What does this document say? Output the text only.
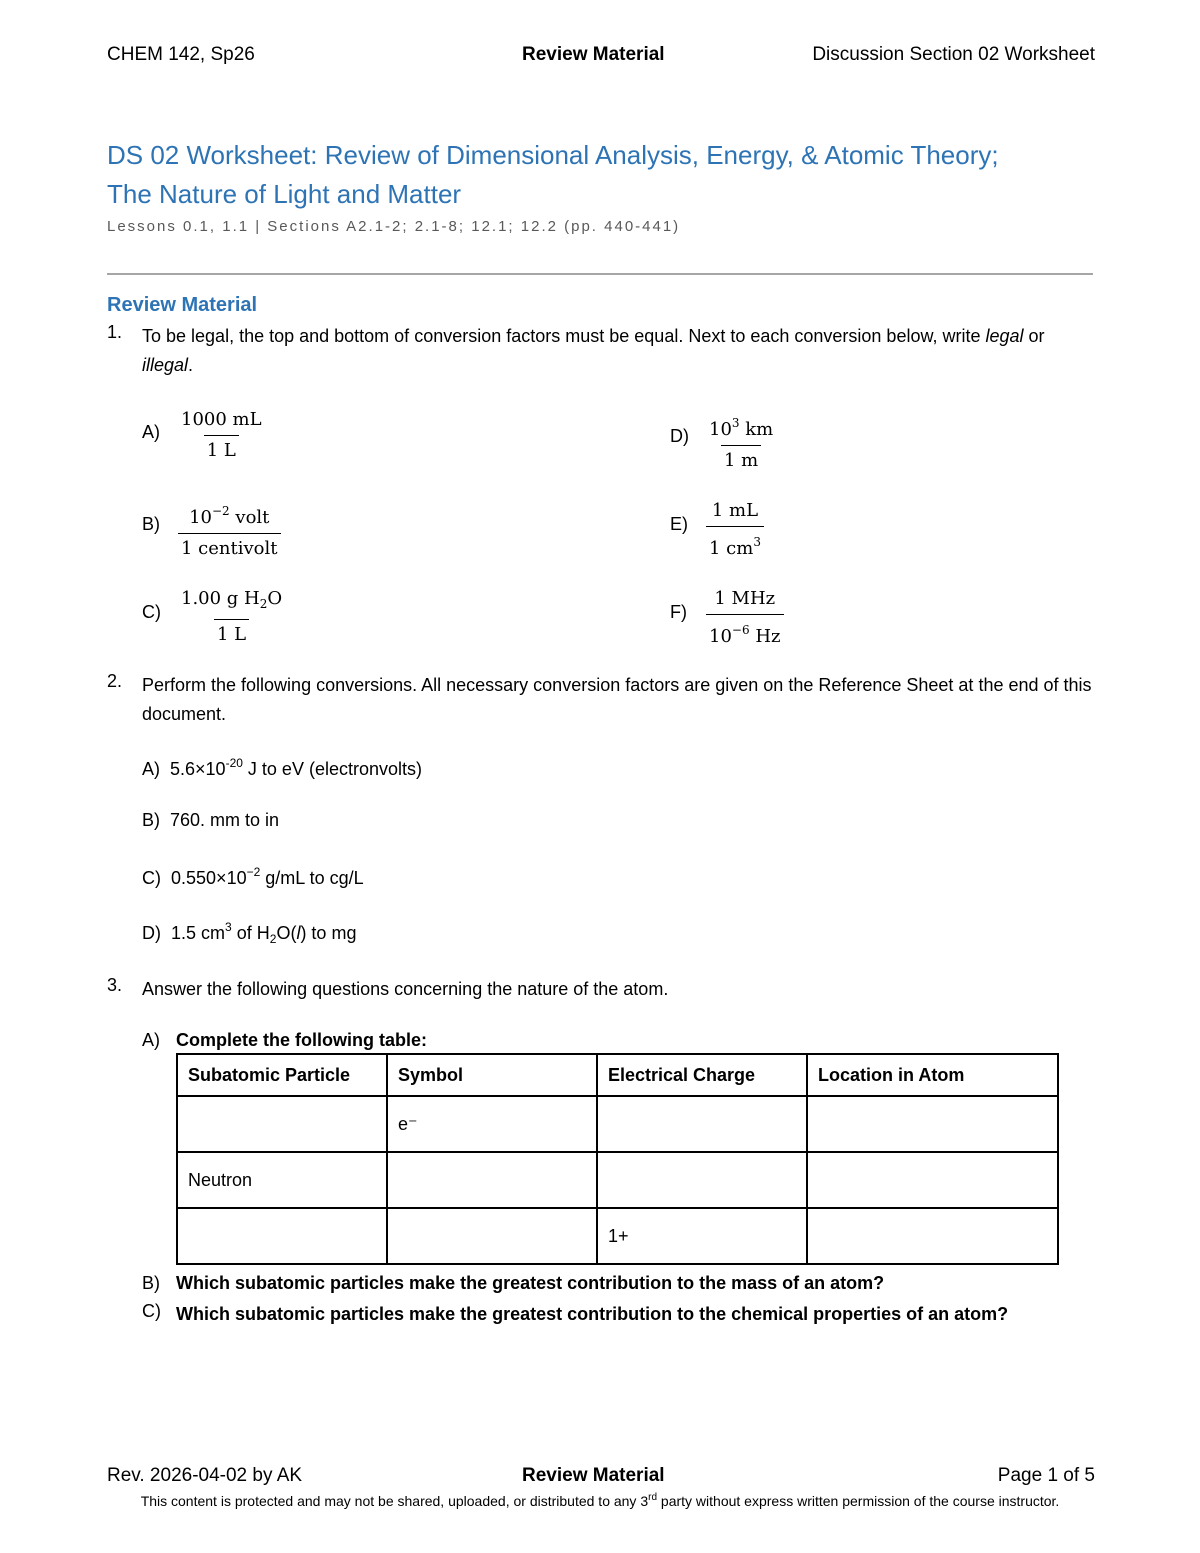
CHEM 142, Sp26	Review Material	Discussion Section 02 Worksheet
DS 02 Worksheet: Review of Dimensional Analysis, Energy, & Atomic Theory;
The Nature of Light and Matter
Lessons 0.1, 1.1 | Sections A2.1-2; 2.1-8; 12.1; 12.2 (pp. 440-441)
Review Material
1. To be legal, the top and bottom of conversion factors must be equal. Next to each conversion below, write legal or illegal.
$A) \frac{1000 mL}{1 L}$
B) $10^{-2}$ volt
1 centivolt
$C) \frac{1.00 g H_2O}{1 L}$
$D) \frac{10^3 km}{1 m}$
$E) \frac{1 mL}{1 cm^3}$
F)
1 MHz
$10^{-6}$ Hz
2. Perform the following conversions. All necessary conversion factors are given on the Reference Sheet at the end of this document.
A) $5.6\times 10^{-20}$ J to eV (electronvolts)
B) 760. mm to in
C) $0.550\times 10^{-2}$ g/mL to cg/L
D) 1.5 $cm^3$ of $H_2O(l)$ to mg
3. Answer the following questions concerning the nature of the atom.
A) Complete the following table:
Subatomic Particle	Symbol	Electrical Charge	Location in Atom
	e⁻		
Neutron			
		1+	
B) Which subatomic particles make the greatest contribution to the mass of an atom?
C) Which subatomic particles make the greatest contribution to the chemical properties of an atom?
Rev. 2026-04-02 by AK	Review Material	Page 1 of 5
This content is protected and may not be shared, uploaded, or distributed to any 3rd party without express written permission of the course instructor.
